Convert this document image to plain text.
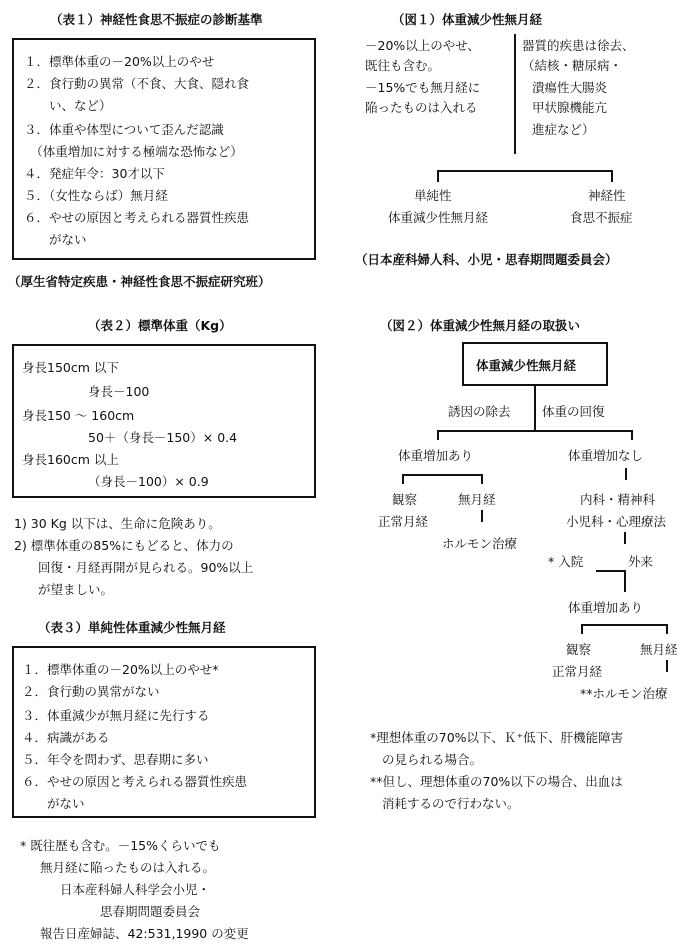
（表１）神経性食思不振症の診断基準
１．標準体重の－20%以上のやせ
２．食行動の異常（不食、大食、隠れ食
　　い、など）
３．体重や体型について歪んだ認識
　（体重増加に対する極端な恐怖など）
４．発症年令：30才以下
５．（女性ならば）無月経
６．やせの原因と考えられる器質性疾患
　　がない
（厚生省特定疾患・神経性食思不振症研究班）
（図１）体重減少性無月経
－20%以上のやせ、
既往も含む。
－15%でも無月経に
陥ったものは入れる
器質的疾患は徐去、
（結核・糖尿病・
潰瘍性大腸炎
甲状腺機能亢
進症など）
単純性
体重減少性無月経
神経性
食思不振症
（日本産科婦人科、小児・思春期問題委員会）
（表２）標準体重（Kg）
身長150cm 以下
身長－100
身長150 ～ 160cm
50＋（身長－150）× 0.4
身長160cm 以上
（身長－100）× 0.9
1) 30 Kg 以下は、生命に危険あり。
2) 標準体重の85%にもどると、体力の
回復・月経再開が見られる。90%以上
が望ましい。
（表３）単純性体重減少性無月経
１．標準体重の－20%以上のやせ*
２．食行動の異常がない
３．体重減少が無月経に先行する
４．病識がある
５．年令を問わず、思春期に多い
６．やせの原因と考えられる器質性疾患
　　がない
* 既往歴も含む。－15%くらいでも
無月経に陥ったものは入れる。
日本産科婦人科学会小児・
思春期問題委員会
報告日産婦誌、42:531,1990 の変更
（図２）体重減少性無月経の取扱い
体重減少性無月経
誘因の除去	体重の回復
体重増加あり	体重増加なし
観察	無月経
正常月経
ホルモン治療
内科・精神科
小児科・心理療法
* 入院	外来
体重増加あり
観察	無月経
正常月経
**ホルモン治療
*理想体重の70%以下、Ｋ⁺低下、肝機能障害
の見られる場合。
**但し、理想体重の70%以下の場合、出血は
消耗するので行わない。
